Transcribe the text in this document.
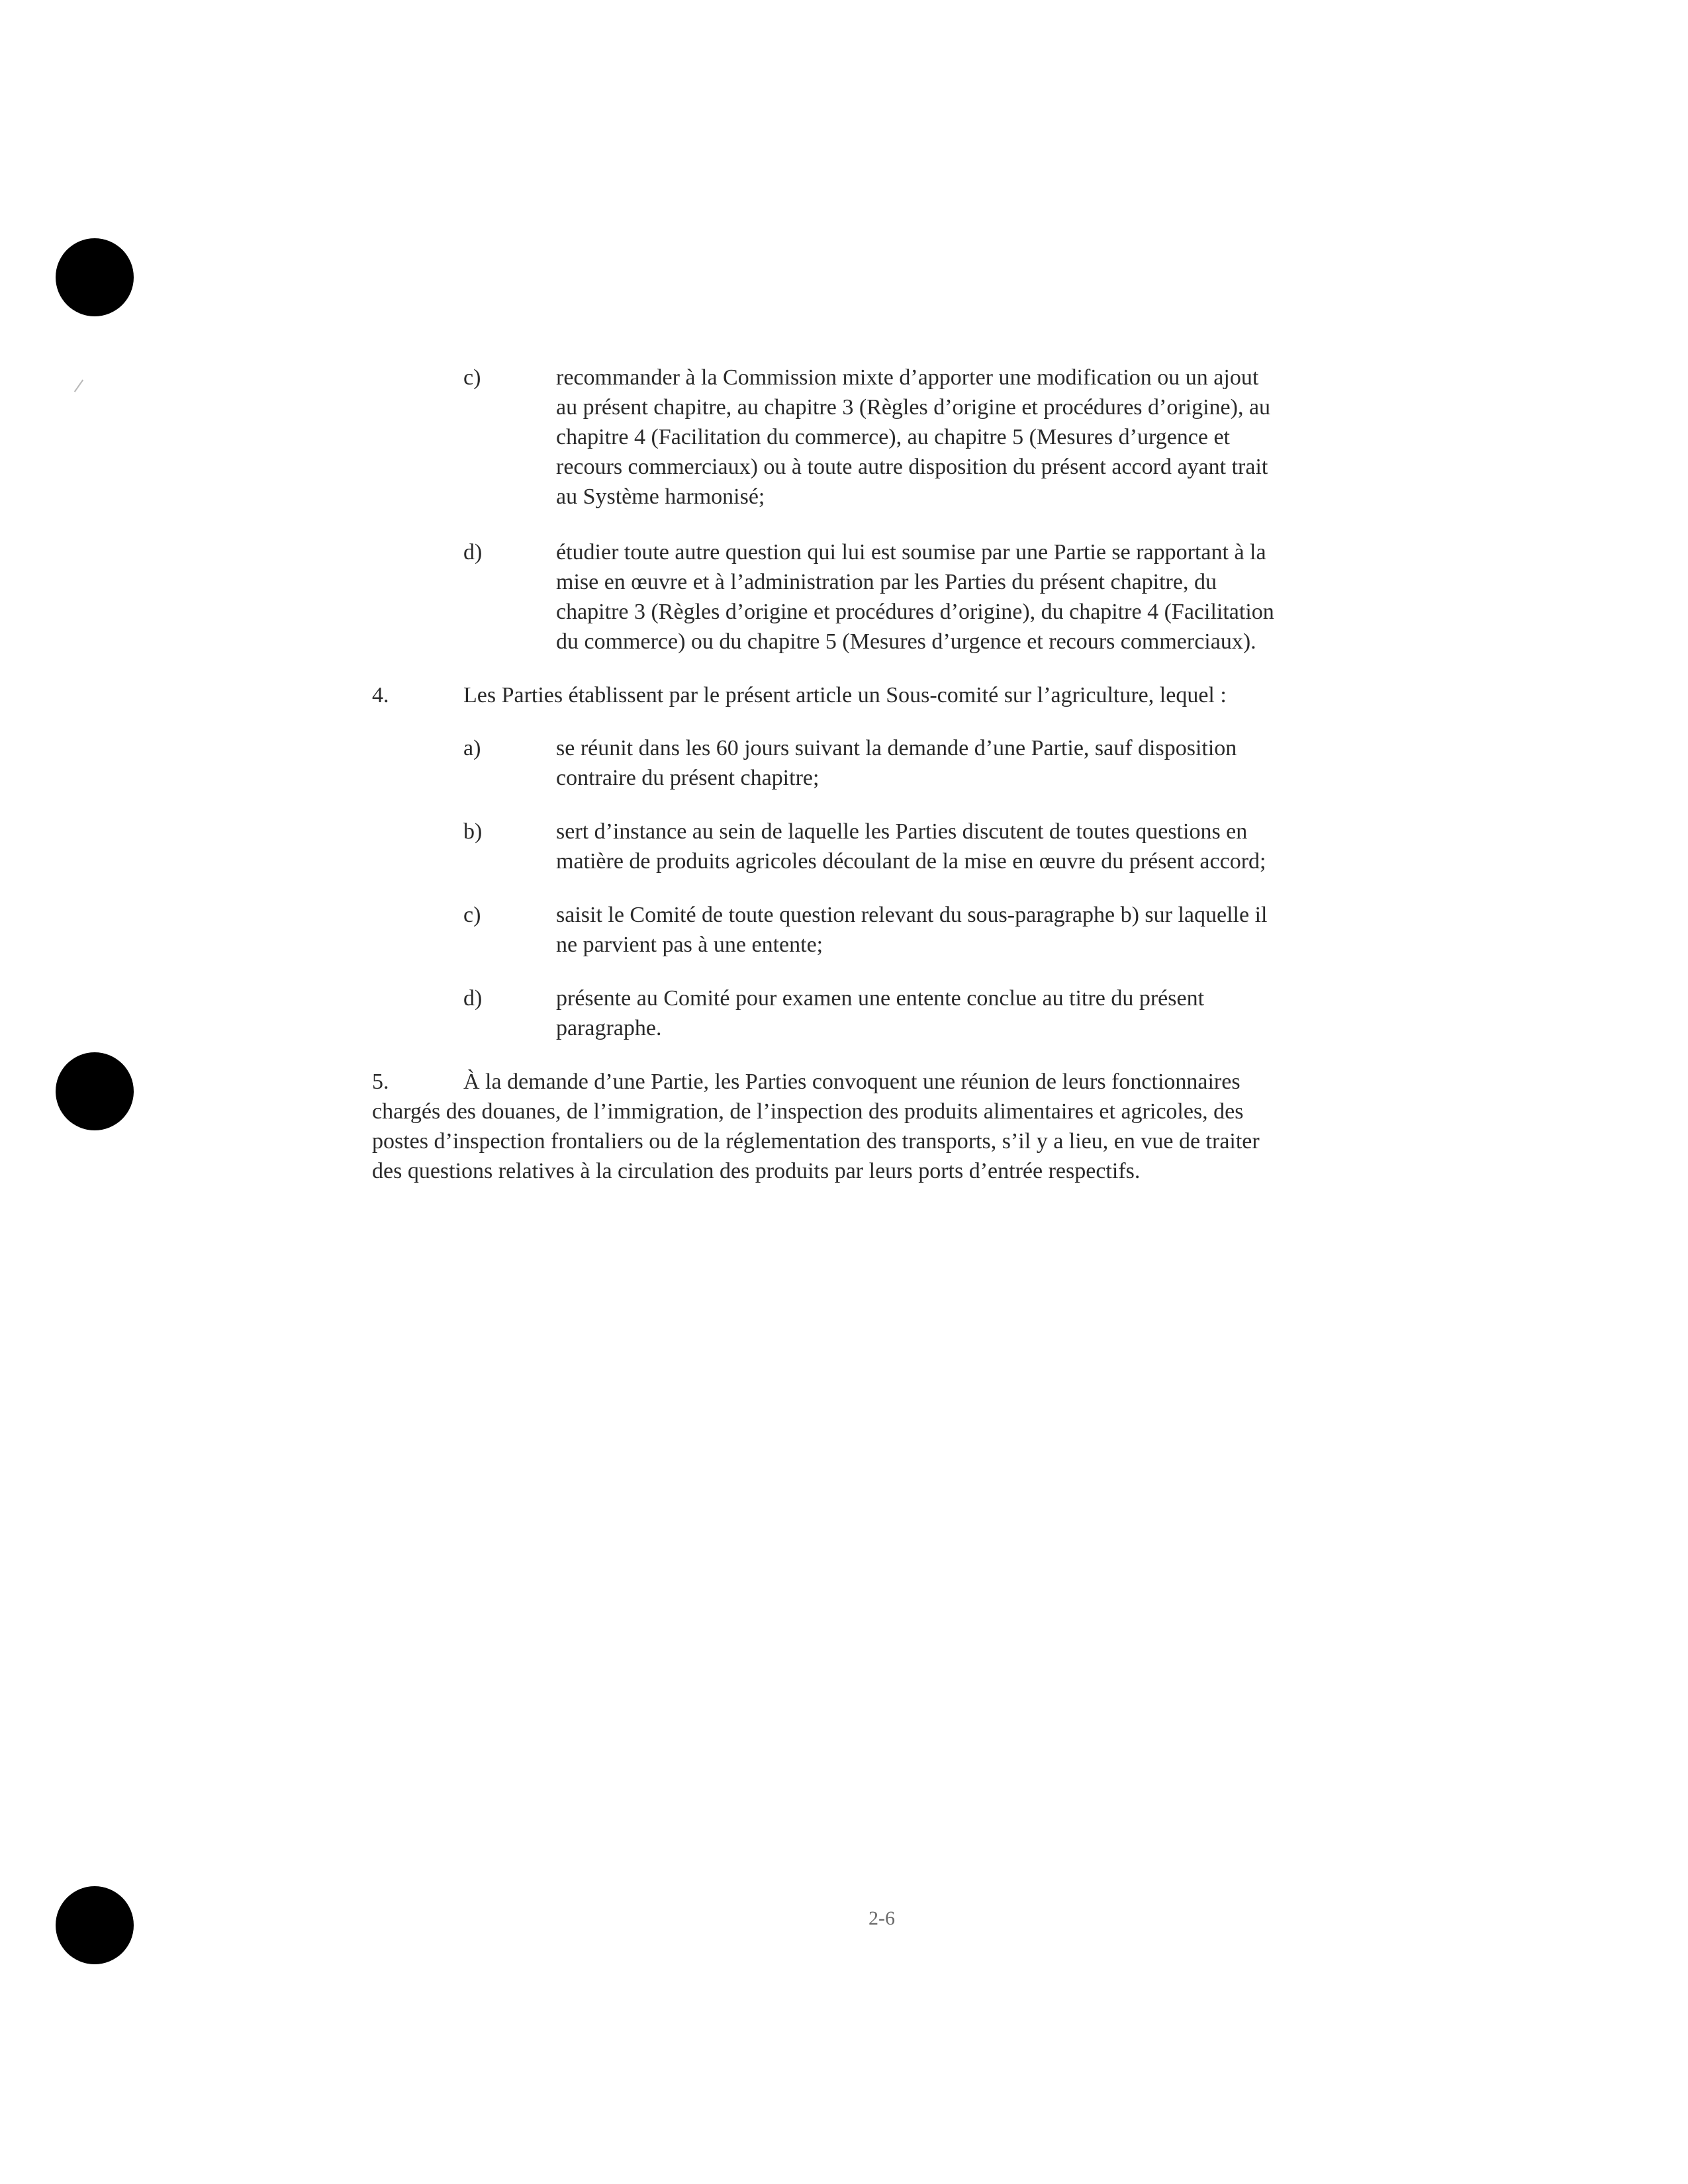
c)	recommander à la Commission mixte d’apporter une modification ou un ajout
au présent chapitre, au chapitre 3 (Règles d’origine et procédures d’origine), au
chapitre 4 (Facilitation du commerce), au chapitre 5 (Mesures d’urgence et
recours commerciaux) ou à toute autre disposition du présent accord ayant trait
au Système harmonisé;
d)	étudier toute autre question qui lui est soumise par une Partie se rapportant à la
mise en œuvre et à l’administration par les Parties du présent chapitre, du
chapitre 3 (Règles d’origine et procédures d’origine), du chapitre 4 (Facilitation
du commerce) ou du chapitre 5 (Mesures d’urgence et recours commerciaux).
4.	Les Parties établissent par le présent article un Sous-comité sur l’agriculture, lequel :
a)	se réunit dans les 60 jours suivant la demande d’une Partie, sauf disposition
contraire du présent chapitre;
b)	sert d’instance au sein de laquelle les Parties discutent de toutes questions en
matière de produits agricoles découlant de la mise en œuvre du présent accord;
c)	saisit le Comité de toute question relevant du sous-paragraphe b) sur laquelle il
ne parvient pas à une entente;
d)	présente au Comité pour examen une entente conclue au titre du présent
paragraphe.
5.	À la demande d’une Partie, les Parties convoquent une réunion de leurs fonctionnaires
chargés des douanes, de l’immigration, de l’inspection des produits alimentaires et agricoles, des
postes d’inspection frontaliers ou de la réglementation des transports, s’il y a lieu, en vue de traiter
des questions relatives à la circulation des produits par leurs ports d’entrée respectifs.
2-6
